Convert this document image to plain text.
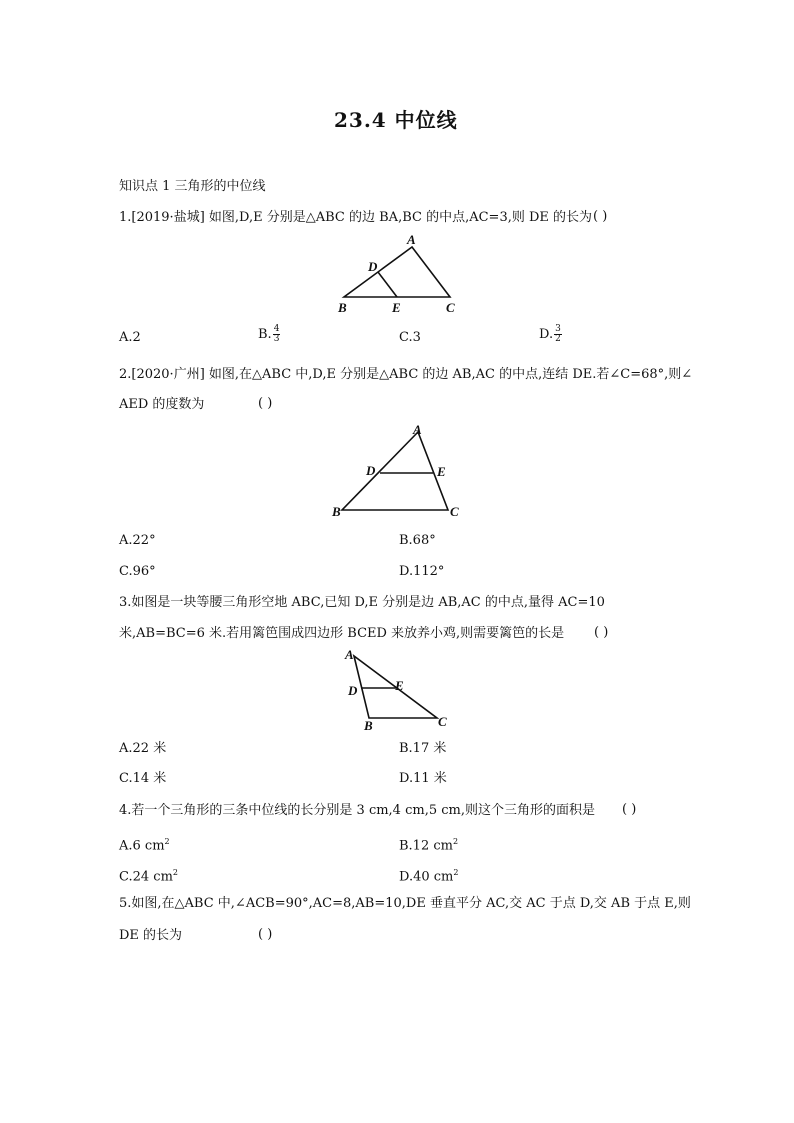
23.4 中位线
知识点 1 三角形的中位线
1.[2019·盐城] 如图,D,E 分别是△ABC 的边 BA,BC 的中点,AC=3,则 DE 的长为 ( )
A
D
B	E	C
A.2	B. $\frac{4}{3}$	C.3	D. $\frac{3}{2}$
2.[2020·广州] 如图,在△ABC 中,D,E 分别是△ABC 的边 AB,AC 的中点,连结 DE.若∠C=68°,则∠
AED 的度数为	( )
A
D	E
B	C
A.22°	B.68°
C.96°	D.112°
3.如图是一块等腰三角形空地 ABC,已知 D,E 分别是边 AB,AC 的中点,量得 AC=10
米,AB=BC=6 米.若用篱笆围成四边形 BCED 来放养小鸡,则需要篱笆的长是 ( )
A
D	E
B	C
A.22 米	B.17 米
C.14 米	D.11 米
4.若一个三角形的三条中位线的长分别是 3 cm,4 cm,5 cm,则这个三角形的面积是 ( )
A.6 $cm^2$	B.12 $cm^2$
C.24 $cm^2$	D.40 $cm^2$
5.如图,在△ABC 中,∠ACB=90°,AC=8,AB=10,DE 垂直平分 AC,交 AC 于点 D,交 AB 于点 E,则
DE 的长为	( )
